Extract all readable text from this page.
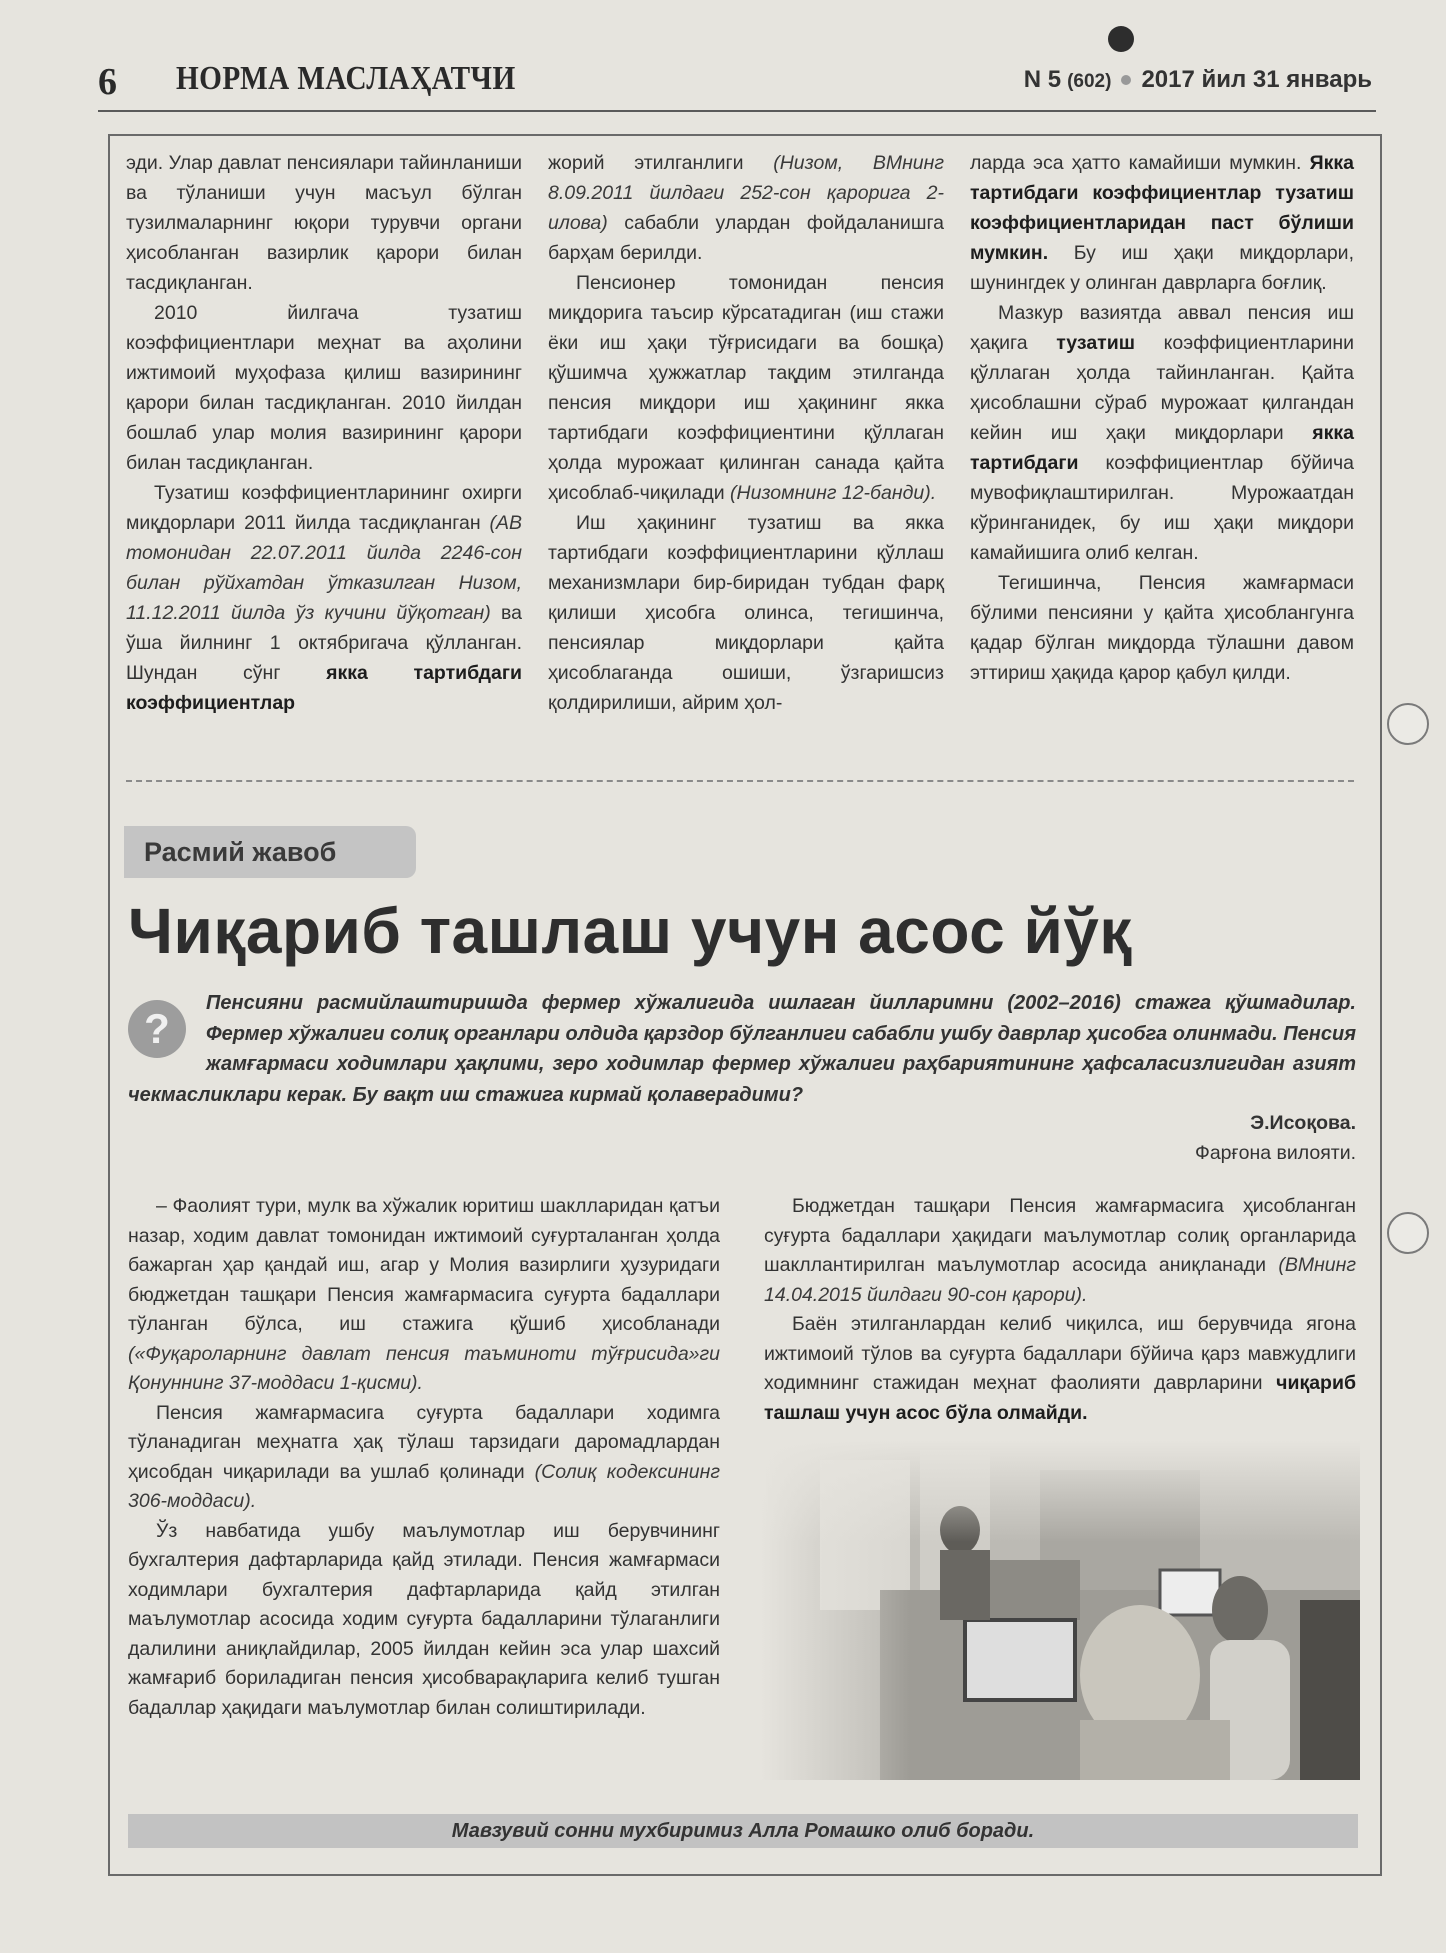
6 НОРМА МАСЛАҲАТЧИ	N 5 (602) 2017 йил 31 январь

эди. Улар давлат пенсиялари тайинланиши ва тўланиши учун масъул бўлган тузилмаларнинг юқори турувчи органи ҳисобланган вазирлик қарори билан тасдиқланган.

2010 йилгача тузатиш коэффициентлари меҳнат ва аҳолини ижтимоий муҳофаза қилиш вазирининг қарори билан тасдиқланган. 2010 йилдан бошлаб улар молия вазирининг қарори билан тасдиқланган.

Тузатиш коэффициентларининг охирги миқдорлари 2011 йилда тасдиқланган (АВ томонидан 22.07.2011 йилда 2246-сон билан рўйхатдан ўтказилган Низом, 11.12.2011 йилда ўз кучини йўқотган) ва ўша йилнинг 1 октябригача қўлланган. Шундан сўнг якка тартибдаги коэффициентлар

жорий этилганлиги (Низом, ВМнинг 8.09.2011 йилдаги 252-сон қарорига 2-илова) сабабли улардан фойдаланишга барҳам берилди.

Пенсионер томонидан пенсия миқдорига таъсир кўрсатадиган (иш стажи ёки иш ҳақи тўғрисидаги ва бошқа) қўшимча ҳужжатлар тақдим этилганда пенсия миқдори иш ҳақининг якка тартибдаги коэффициентини қўллаган ҳолда мурожаат қилинган санада қайта ҳисоблаб-чиқилади (Низомнинг 12-банди).

Иш ҳақининг тузатиш ва якка тартибдаги коэффициентларини қўллаш механизмлари бир-биридан тубдан фарқ қилиши ҳисобга олинса, тегишинча, пенсиялар миқдорлари қайта ҳисоблаганда ошиши, ўзгаришсиз қолдирилиши, айрим ҳол-

ларда эса ҳатто камайиши мумкин. Якка тартибдаги коэффициентлар тузатиш коэффициентларидан паст бўлиши мумкин. Бу иш ҳақи миқдорлари, шунингдек у олинган даврларга боғлиқ.

Мазкур вазиятда аввал пенсия иш ҳақига тузатиш коэффициентларини қўллаган ҳолда тайинланган. Қайта ҳисоблашни сўраб мурожаат қилгандан кейин иш ҳақи миқдорлари якка тартибдаги коэффициентлар бўйича мувофиқлаштирилган. Мурожаатдан кўринганидек, бу иш ҳақи миқдори камайишига олиб келган.

Тегишинча, Пенсия жамғармаси бўлими пенсияни у қайта ҳисоблангунга қадар бўлган миқдорда тўлашни давом эттириш ҳақида қарор қабул қилди.

Расмий жавоб
Чиқариб ташлаш учун асос йўқ
Пенсияни расмийлаштиришда фермер хўжалигида ишлаган йилларимни (2002–2016) стажга қўшмадилар. Фермер хўжалиги солиқ органлари олдида қарздор бўлганлиги сабабли ушбу даврлар ҳисобга олинмади. Пенсия жамғармаси ходимлари ҳақлими, зеро ходимлар фермер хўжалиги раҳбариятининг ҳафсаласизлигидан азият чекмасликлари керак. Бу вақт иш стажига кирмай қолаверадими?
?
Э.Исоқова.
Фарғона вилояти.

– Фаолият тури, мулк ва хўжалик юритиш шаклларидан қатъи назар, ходим давлат томонидан ижтимоий суғурталанган ҳолда бажарган ҳар қандай иш, агар у Молия вазирлиги ҳузуридаги бюджетдан ташқари Пенсия жамғармасига суғурта бадаллари тўланган бўлса, иш стажига қўшиб ҳисобланади («Фуқароларнинг давлат пенсия таъминоти тўғрисида»ги Қонуннинг 37-моддаси 1-қисми).

Пенсия жамғармасига суғурта бадаллари ходимга тўланадиган меҳнатга ҳақ тўлаш тарзидаги даромадлардан ҳисобдан чиқарилади ва ушлаб қолинади (Солиқ кодексининг 306-моддаси).

Ўз навбатида ушбу маълумотлар иш берувчининг бухгалтерия дафтарларида қайд этилади. Пенсия жамғармаси ходимлари бухгалтерия дафтарларида қайд этилган маълумотлар асосида ходим суғурта бадалларини тўлаганлиги далилини аниқлайдилар, 2005 йилдан кейин эса улар шахсий жамғариб бориладиган пенсия ҳисобварақларига келиб тушган бадаллар ҳақидаги маълумотлар билан солиштирилади.

Бюджетдан ташқари Пенсия жамғармасига ҳисобланган суғурта бадаллари ҳақидаги маълумотлар солиқ органларида шакллантирилган маълумотлар асосида аниқланади (ВМнинг 14.04.2015 йилдаги 90-сон қарори).

Баён этилганлардан келиб чиқилса, иш берувчида ягона ижтимоий тўлов ва суғурта бадаллари бўйича қарз мавжудлиги ходимнинг стажидан меҳнат фаолияти даврларини чиқариб ташлаш учун асос бўла олмайди.

Мавзувий сонни мухбиримиз Алла Ромашко олиб боради.
